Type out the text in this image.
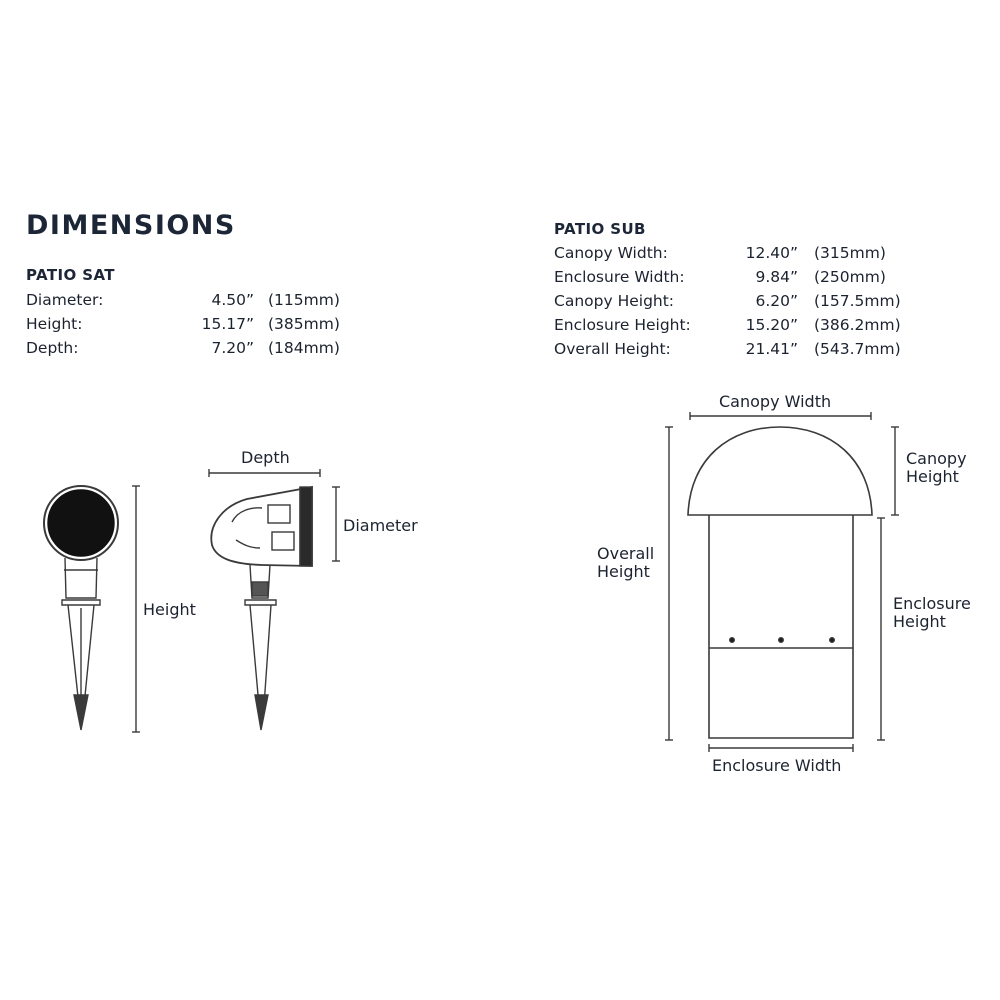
DIMENSIONS
PATIO SAT
Diameter:	4.50” (115mm)
Height:	15.17” (385mm)
Depth:	7.20” (184mm)
PATIO SUB
Canopy Width:	12.40” (315mm)
Enclosure Width:	9.84” (250mm)
Canopy Height:	6.20” (157.5mm)
Enclosure Height:	15.20” (386.2mm)
Overall Height:	21.41” (543.7mm)
Height
Depth
Diameter
Canopy Width
Canopy
Height
Overall
Height
Enclosure
Height
Enclosure Width
